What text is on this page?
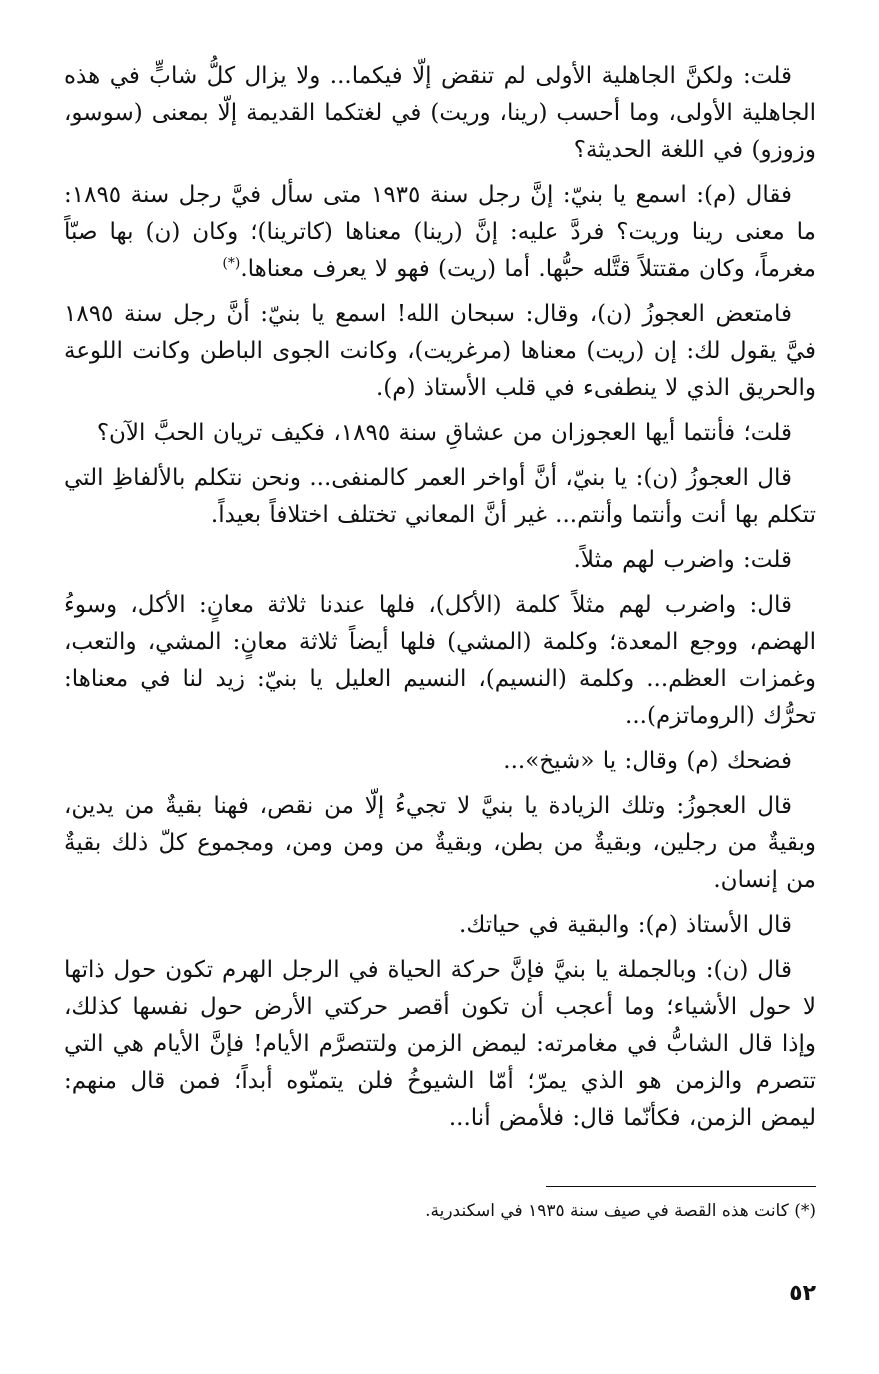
قلت: ولكنَّ الجاهلية الأولى لم تنقض إلّا فيكما... ولا يزال كلُّ شابٍّ في هذه الجاهلية الأولى، وما أحسب (رينا، وريت) في لغتكما القديمة إلّا بمعنى (سوسو، وزوزو) في اللغة الحديثة؟

فقال (م): اسمع يا بنيّ: إنَّ رجل سنة ١٩٣٥ متى سأل فيَّ رجل سنة ١٨٩٥: ما معنى رينا وريت؟ فردَّ عليه: إنَّ (رينا) معناها (كاترينا)؛ وكان (ن) بها صبّاً مغرماً، وكان مقتتلاً قتَّله حبُّها. أما (ريت) فهو لا يعرف معناها.(*)

فامتعض العجوزُ (ن)، وقال: سبحان الله! اسمع يا بنيّ: أنَّ رجل سنة ١٨٩٥ فيَّ يقول لك: إن (ريت) معناها (مرغريت)، وكانت الجوى الباطن وكانت اللوعة والحريق الذي لا ينطفىء في قلب الأستاذ (م).

قلت؛ فأنتما أيها العجوزان من عشاقِ سنة ١٨٩٥، فكيف تريان الحبَّ الآن؟

قال العجوزُ (ن): يا بنيّ، أنَّ أواخر العمر كالمنفى... ونحن نتكلم بالألفاظِ التي تتكلم بها أنت وأنتما وأنتم... غير أنَّ المعاني تختلف اختلافاً بعيداً.

قلت: واضرب لهم مثلاً.

قال: واضرب لهم مثلاً كلمة (الأكل)، فلها عندنا ثلاثة معانٍ: الأكل، وسوءُ الهضم، ووجع المعدة؛ وكلمة (المشي) فلها أيضاً ثلاثة معانٍ: المشي، والتعب، وغمزات العظم... وكلمة (النسيم)، النسيم العليل يا بنيّ: زيد لنا في معناها: تحرُّك (الروماتزم)...

فضحك (م) وقال: يا «شيخ»...

قال العجوزُ: وتلك الزيادة يا بنيَّ لا تجيءُ إلّا من نقص، فهنا بقيةٌ من يدين، وبقيةٌ من رجلين، وبقيةٌ من بطن، وبقيةٌ من ومن ومن، ومجموع كلّ ذلك بقيةٌ من إنسان.

قال الأستاذ (م): والبقية في حياتك.

قال (ن): وبالجملة يا بنيَّ فإنَّ حركة الحياة في الرجل الهرم تكون حول ذاتها لا حول الأشياء؛ وما أعجب أن تكون أقصر حركتي الأرض حول نفسها كذلك، وإذا قال الشابُّ في مغامرته: ليمض الزمن ولتتصرَّم الأيام! فإنَّ الأيام هي التي تتصرم والزمن هو الذي يمرّ؛ أمّا الشيوخُ فلن يتمنّوه أبداً؛ فمن قال منهم: ليمض الزمن، فكأنّما قال: فلأمض أنا...

(*) كانت هذه القصة في صيف سنة ١٩٣٥ في اسكندرية.
٥٢
